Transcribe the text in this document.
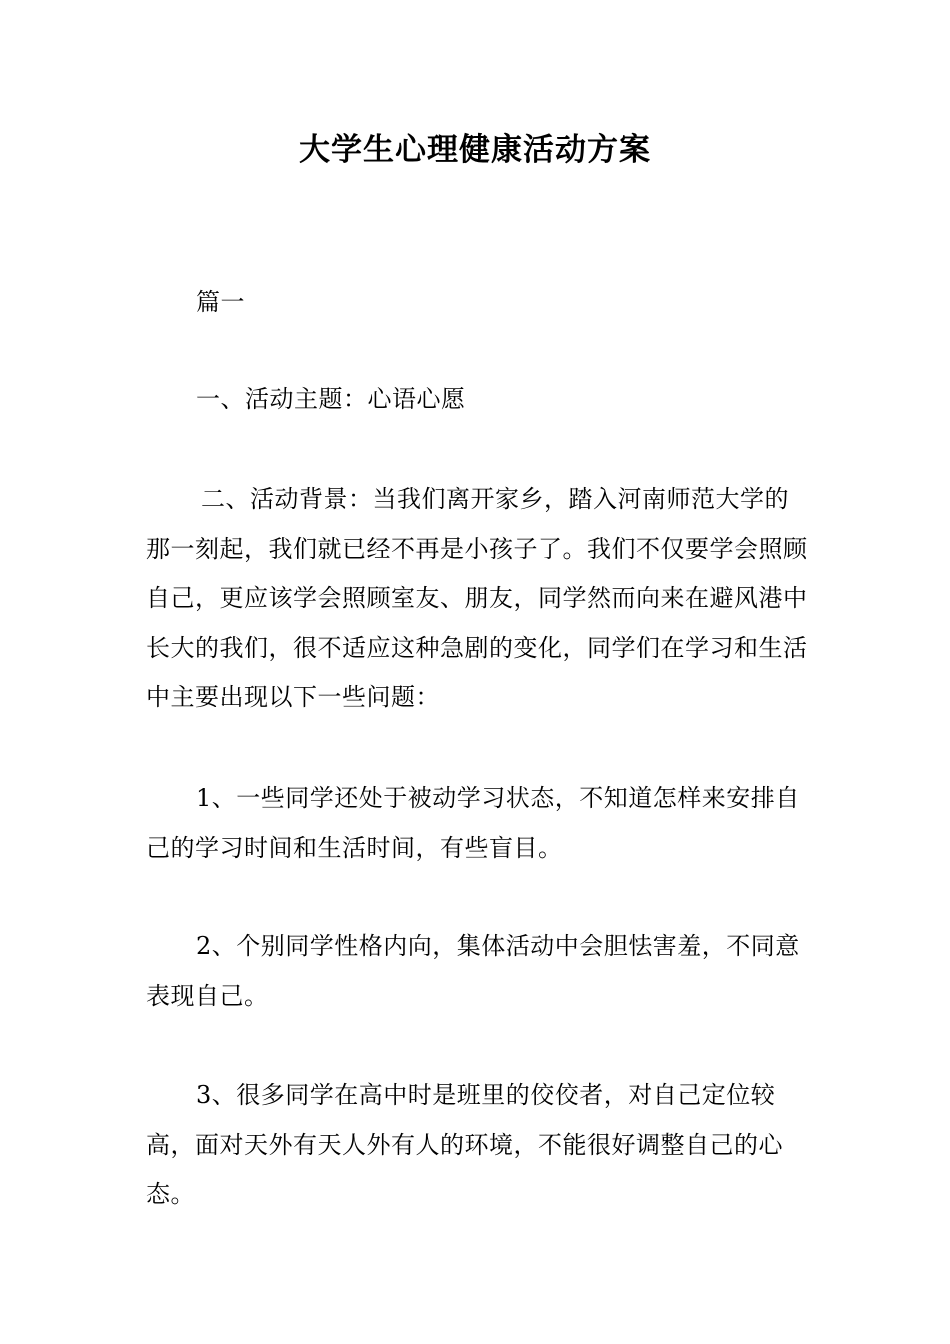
大学生心理健康活动方案

篇一

一、活动主题：心语心愿

二、活动背景：当我们离开家乡，踏入河南师范大学的那一刻起，我们就已经不再是小孩子了。我们不仅要学会照顾自己，更应该学会照顾室友、朋友，同学然而向来在避风港中长大的我们，很不适应这种急剧的变化，同学们在学习和生活中主要出现以下一些问题：

1、一些同学还处于被动学习状态，不知道怎样来安排自己的学习时间和生活时间，有些盲目。

2、个别同学性格内向，集体活动中会胆怯害羞，不同意表现自己。

3、很多同学在高中时是班里的佼佼者，对自己定位较高，面对天外有天人外有人的环境，不能很好调整自己的心态。
